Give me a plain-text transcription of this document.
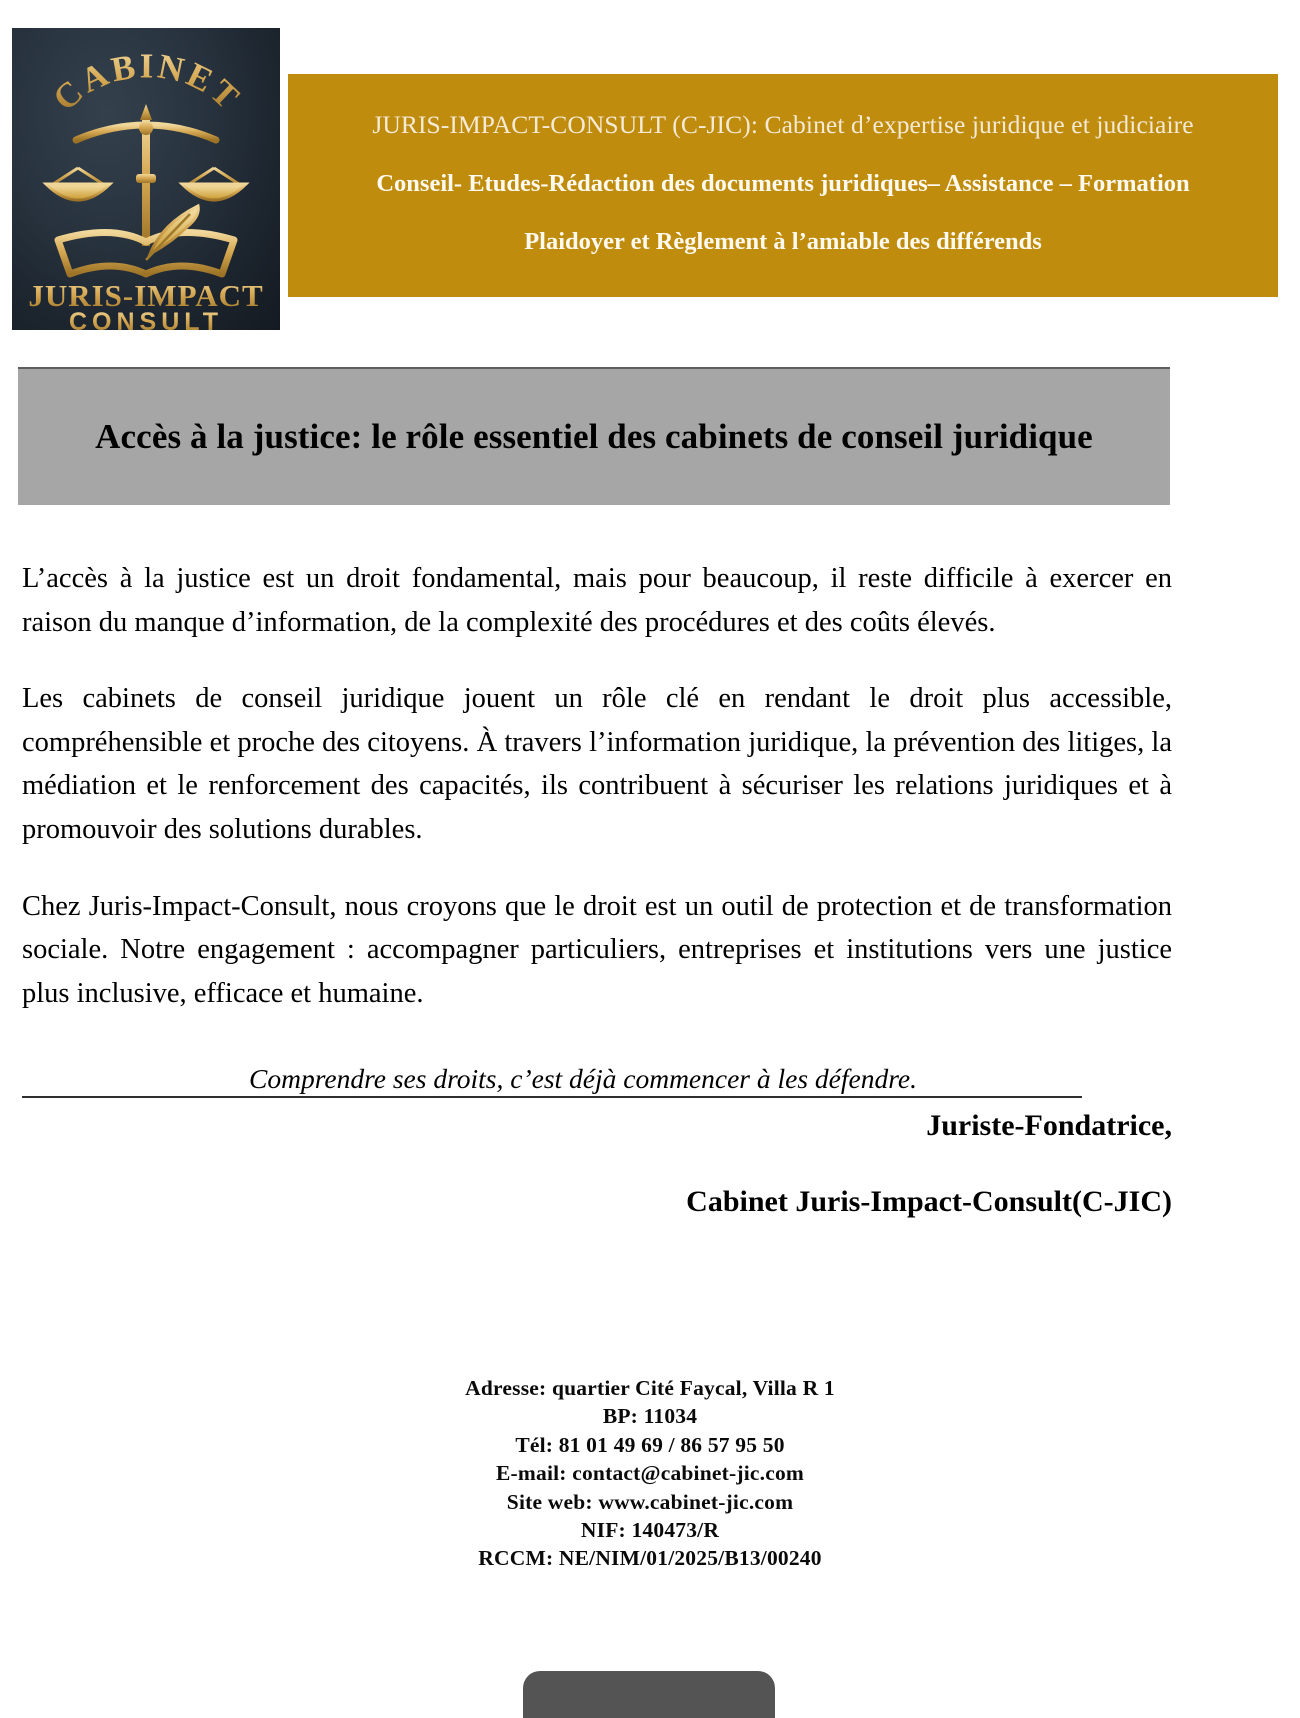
CABINET
JURIS-IMPACT
CONSULT
JURIS-IMPACT-CONSULT (C-JIC): Cabinet d’expertise juridique et judiciaire
Conseil- Etudes-Rédaction des documents juridiques– Assistance – Formation
Plaidoyer et Règlement à l’amiable des différends
Accès à la justice: le rôle essentiel des cabinets de conseil juridique

L’accès à la justice est un droit fondamental, mais pour beaucoup, il reste difficile à exercer en raison du manque d’information, de la complexité des procédures et des coûts élevés.

Les cabinets de conseil juridique jouent un rôle clé en rendant le droit plus accessible, compréhensible et proche des citoyens. À travers l’information juridique, la prévention des litiges, la médiation et le renforcement des capacités, ils contribuent à sécuriser les relations juridiques et à promouvoir des solutions durables.

Chez Juris-Impact-Consult, nous croyons que le droit est un outil de protection et de transformation sociale. Notre engagement : accompagner particuliers, entreprises et institutions vers une justice plus inclusive, efficace et humaine.

Comprendre ses droits, c’est déjà commencer à les défendre.

Juriste-Fondatrice,
Cabinet Juris-Impact-Consult(C-JIC)
Adresse: quartier Cité Faycal, Villa R 1
BP: 11034
Tél: 81 01 49 69 / 86 57 95 50
E-mail: contact@cabinet-jic.com
Site web: www.cabinet-jic.com
NIF: 140473/R
RCCM: NE/NIM/01/2025/B13/00240
